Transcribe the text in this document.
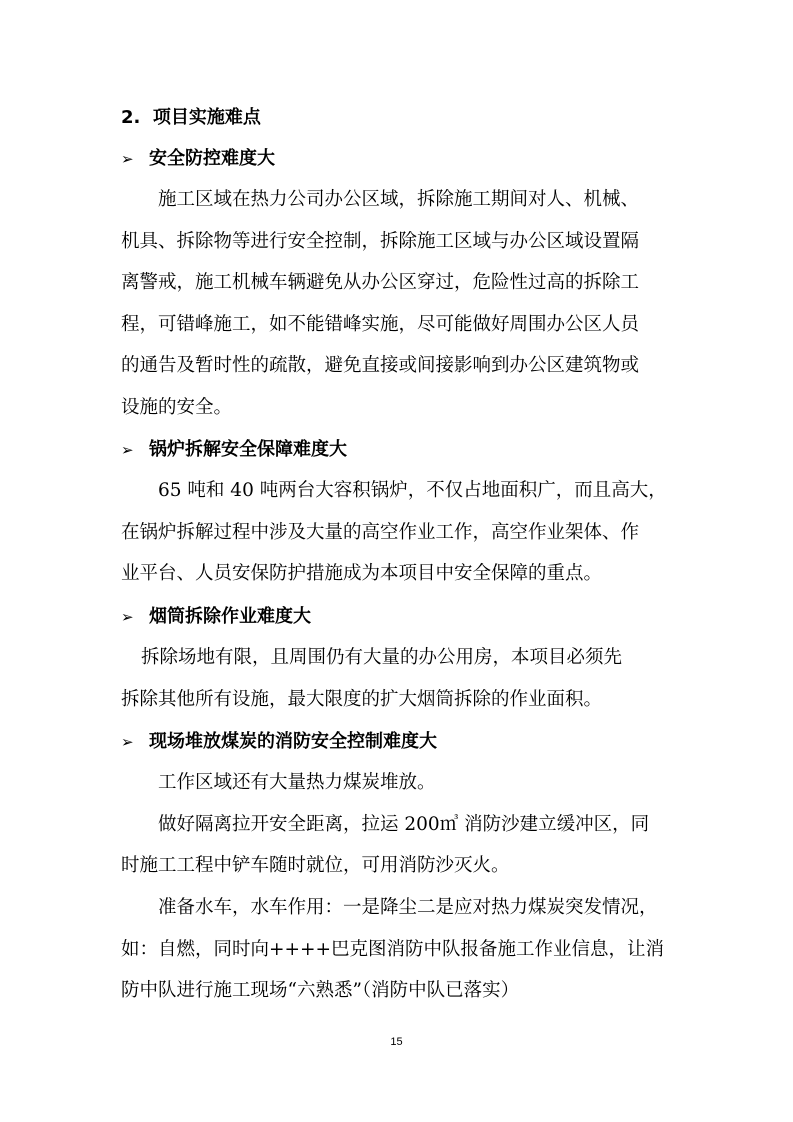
2. 项目实施难点
➢ 安全防控难度大
施工区域在热力公司办公区域，拆除施工期间对人、机械、
机具、拆除物等进行安全控制，拆除施工区域与办公区域设置隔
离警戒，施工机械车辆避免从办公区穿过，危险性过高的拆除工
程，可错峰施工，如不能错峰实施，尽可能做好周围办公区人员
的通告及暂时性的疏散，避免直接或间接影响到办公区建筑物或
设施的安全。
➢ 锅炉拆解安全保障难度大
65 吨和 40 吨两台大容积锅炉，不仅占地面积广，而且高大，
在锅炉拆解过程中涉及大量的高空作业工作，高空作业架体、作
业平台、人员安保防护措施成为本项目中安全保障的重点。
➢ 烟筒拆除作业难度大
拆除场地有限，且周围仍有大量的办公用房，本项目必须先
拆除其他所有设施，最大限度的扩大烟筒拆除的作业面积。
➢ 现场堆放煤炭的消防安全控制难度大
工作区域还有大量热力煤炭堆放。
做好隔离拉开安全距离，拉运 200㎥ 消防沙建立缓冲区，同
时施工工程中铲车随时就位，可用消防沙灭火。
准备水车，水车作用：一是降尘二是应对热力煤炭突发情况，
如：自燃，同时向++++巴克图消防中队报备施工作业信息，让消
防中队进行施工现场“六熟悉”（消防中队已落实）
15
